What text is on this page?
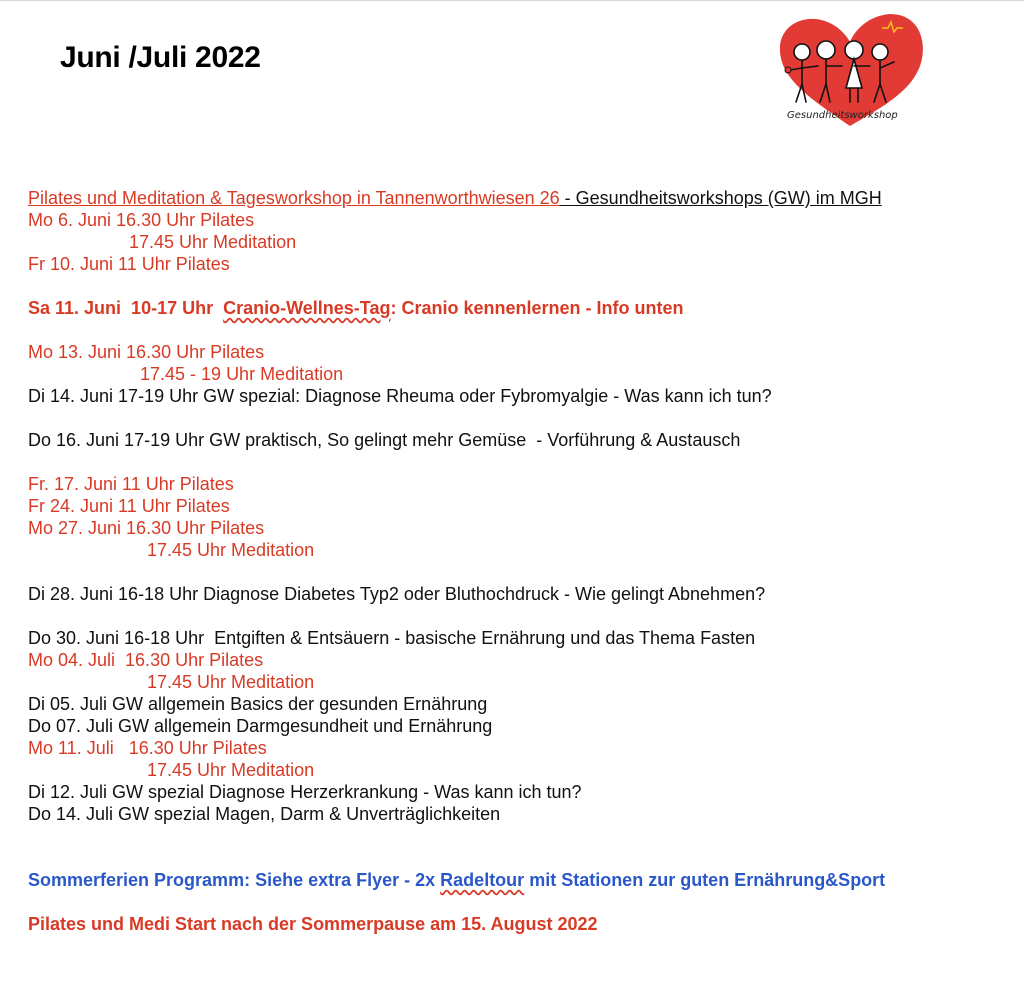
Juni /Juli 2022
Gesundheitsworkshop
Pilates und Meditation & Tagesworkshop in Tannenworthwiesen 26 - Gesundheitsworkshops (GW) im MGH
Mo 6. Juni 16.30 Uhr Pilates
17.45 Uhr Meditation
Fr 10. Juni 11 Uhr Pilates
Sa 11. Juni  10-17 Uhr  Cranio-Wellnes-Tag: Cranio kennenlernen - Info unten
Mo 13. Juni 16.30 Uhr Pilates
17.45 - 19 Uhr Meditation
Di 14. Juni 17-19 Uhr GW spezial: Diagnose Rheuma oder Fybromyalgie - Was kann ich tun?
Do 16. Juni 17-19 Uhr GW praktisch, So gelingt mehr Gemüse  - Vorführung & Austausch
Fr. 17. Juni 11 Uhr Pilates
Fr 24. Juni 11 Uhr Pilates
Mo 27. Juni 16.30 Uhr Pilates
17.45 Uhr Meditation
Di 28. Juni 16-18 Uhr Diagnose Diabetes Typ2 oder Bluthochdruck - Wie gelingt Abnehmen?
Do 30. Juni 16-18 Uhr  Entgiften & Entsäuern - basische Ernährung und das Thema Fasten
Mo 04. Juli  16.30 Uhr Pilates
17.45 Uhr Meditation
Di 05. Juli GW allgemein Basics der gesunden Ernährung
Do 07. Juli GW allgemein Darmgesundheit und Ernährung
Mo 11. Juli   16.30 Uhr Pilates
17.45 Uhr Meditation
Di 12. Juli GW spezial Diagnose Herzerkrankung - Was kann ich tun?
Do 14. Juli GW spezial Magen, Darm & Unverträglichkeiten
Sommerferien Programm: Siehe extra Flyer - 2x Radeltour mit Stationen zur guten Ernährung&Sport
Pilates und Medi Start nach der Sommerpause am 15. August 2022
